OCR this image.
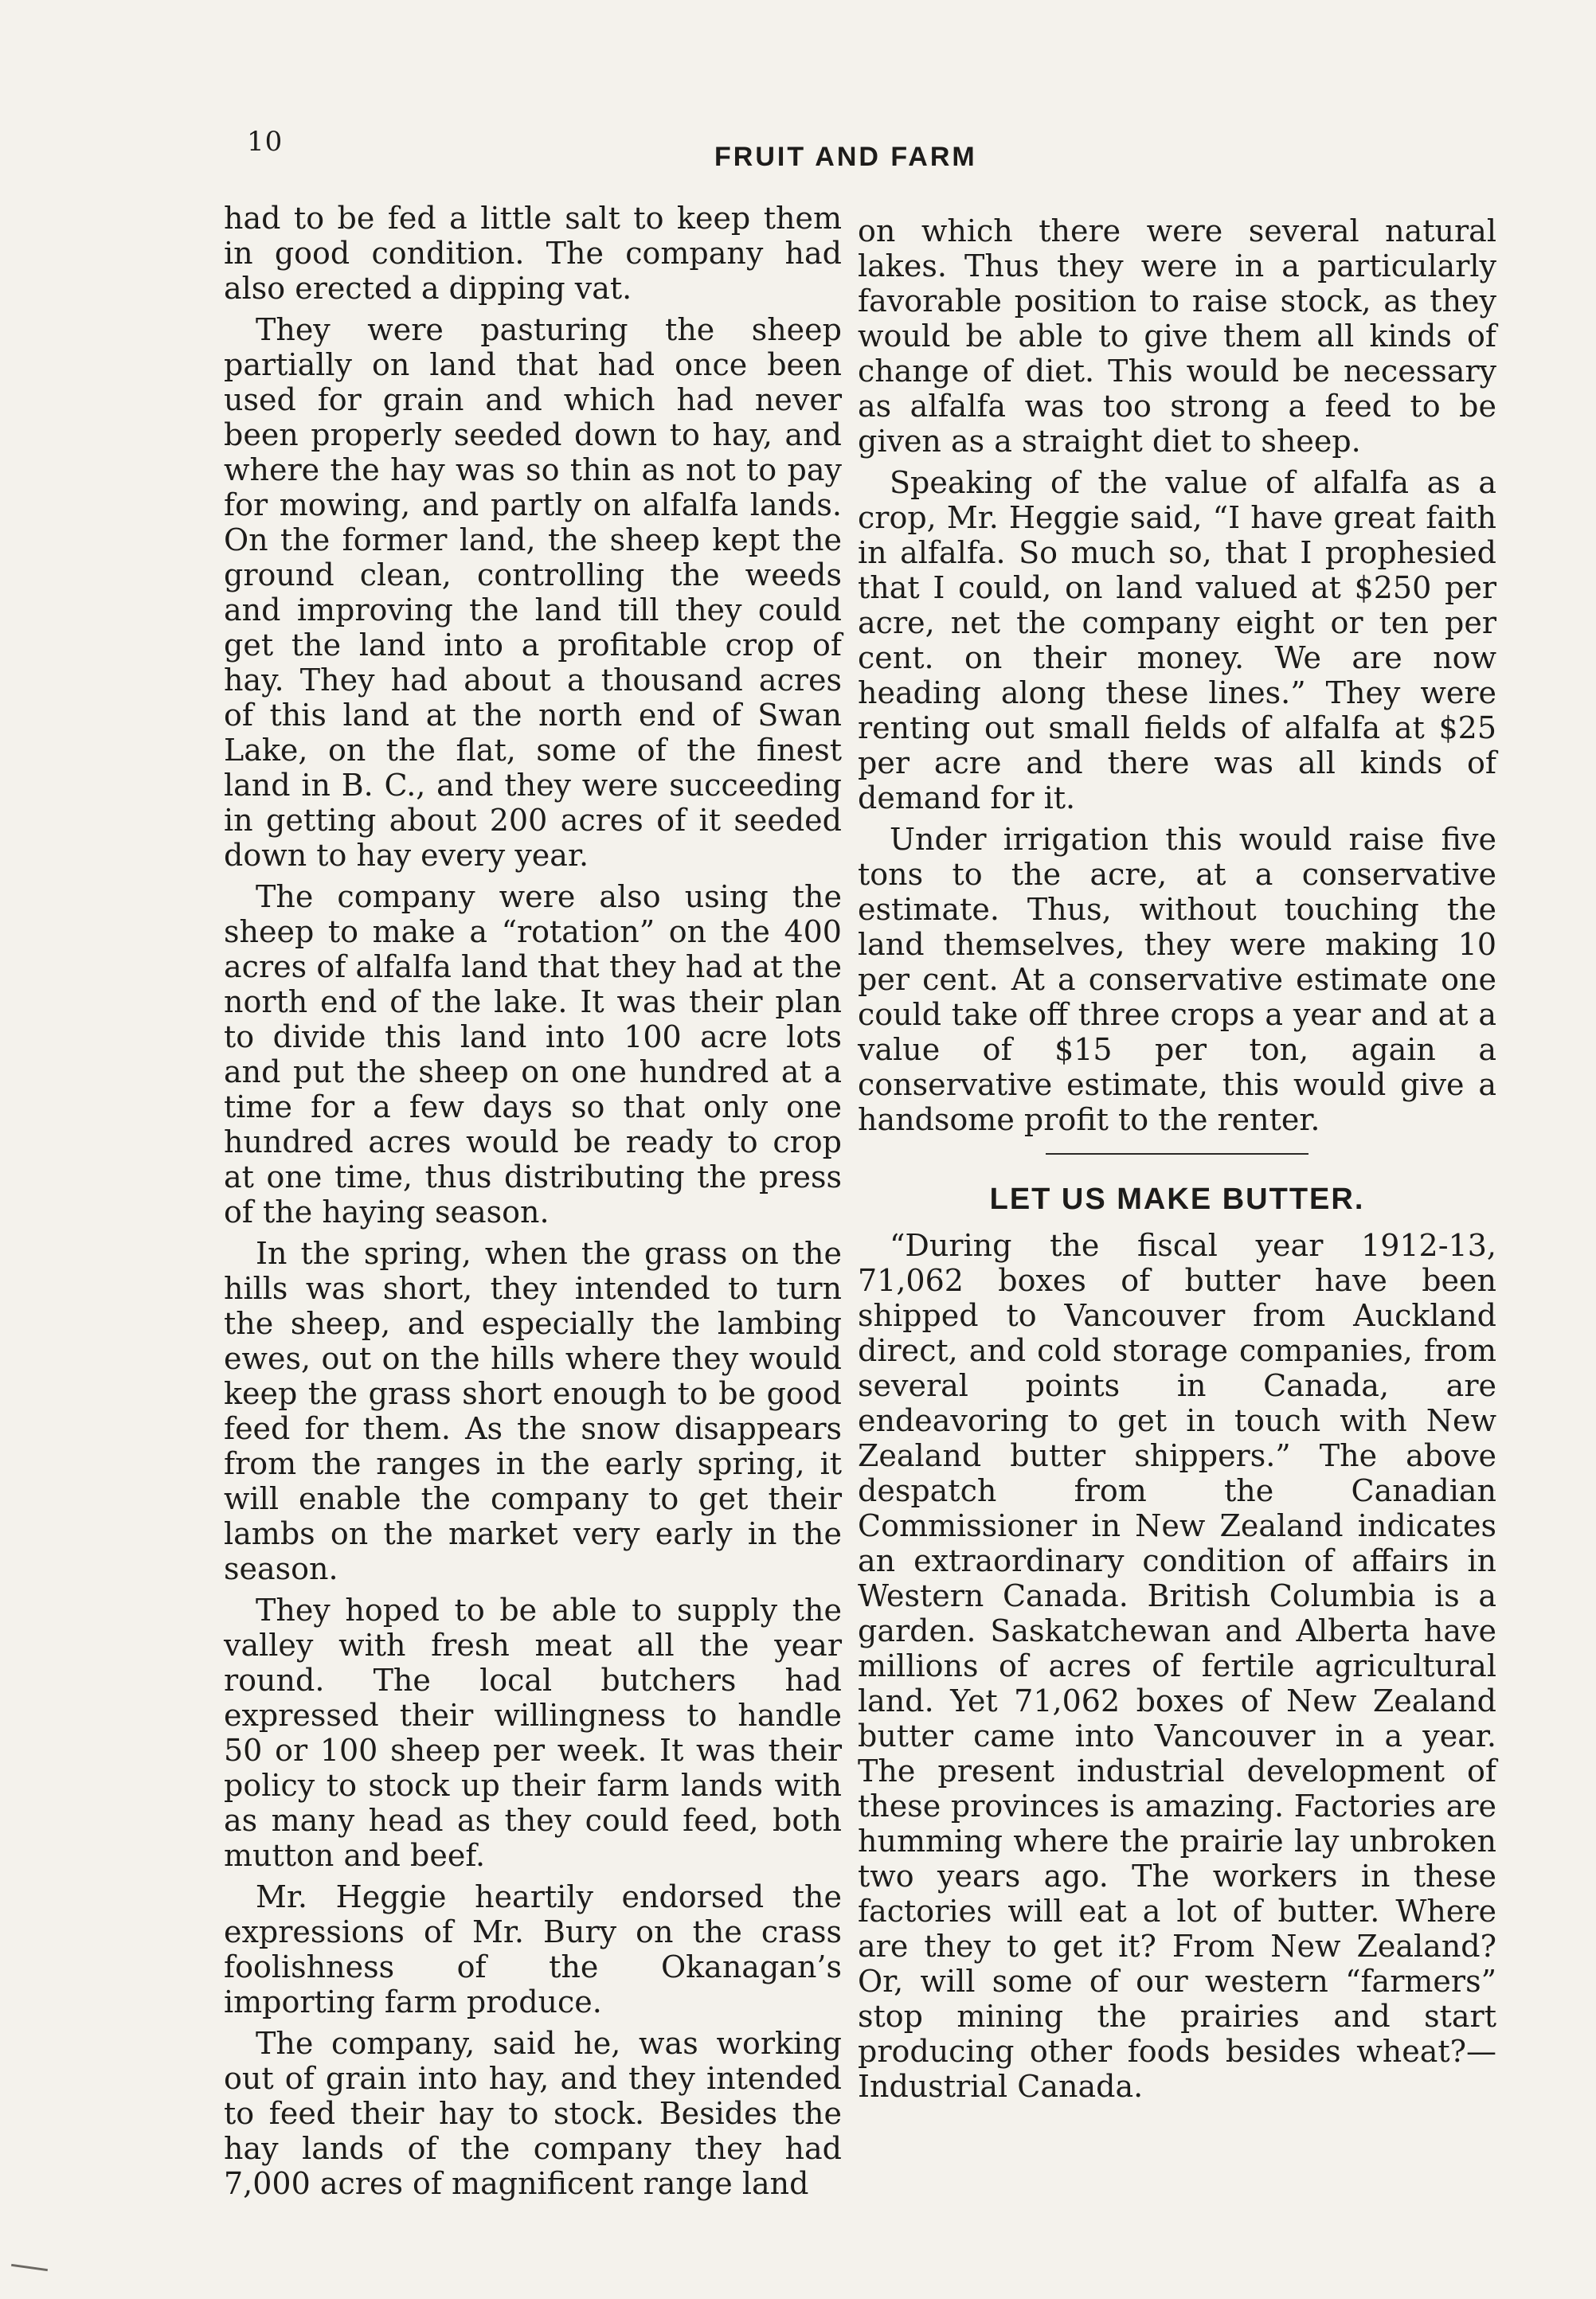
10	FRUIT AND FARM

had to be fed a little salt to keep them in good condition. The company had also erected a dipping vat.

They were pasturing the sheep partially on land that had once been used for grain and which had never been properly seeded down to hay, and where the hay was so thin as not to pay for mowing, and partly on alfalfa lands. On the former land, the sheep kept the ground clean, controlling the weeds and improving the land till they could get the land into a profitable crop of hay. They had about a thousand acres of this land at the north end of Swan Lake, on the flat, some of the finest land in B. C., and they were succeeding in getting about 200 acres of it seeded down to hay every year.

The company were also using the sheep to make a “rotation” on the 400 acres of alfalfa land that they had at the north end of the lake. It was their plan to divide this land into 100 acre lots and put the sheep on one hundred at a time for a few days so that only one hundred acres would be ready to crop at one time, thus distributing the press of the haying season.

In the spring, when the grass on the hills was short, they intended to turn the sheep, and especially the lambing ewes, out on the hills where they would keep the grass short enough to be good feed for them. As the snow disappears from the ranges in the early spring, it will enable the company to get their lambs on the market very early in the season.

They hoped to be able to supply the valley with fresh meat all the year round. The local butchers had expressed their willingness to handle 50 or 100 sheep per week. It was their policy to stock up their farm lands with as many head as they could feed, both mutton and beef.

Mr. Heggie heartily endorsed the expressions of Mr. Bury on the crass foolishness of the Okanagan’s importing farm produce.

The company, said he, was working out of grain into hay, and they intended to feed their hay to stock. Besides the hay lands of the company they had 7,000 acres of magnificent range land

on which there were several natural lakes. Thus they were in a particularly favorable position to raise stock, as they would be able to give them all kinds of change of diet. This would be necessary as alfalfa was too strong a feed to be given as a straight diet to sheep.

Speaking of the value of alfalfa as a crop, Mr. Heggie said, “I have great faith in alfalfa. So much so, that I prophesied that I could, on land valued at $250 per acre, net the company eight or ten per cent. on their money. We are now heading along these lines.” They were renting out small fields of alfalfa at $25 per acre and there was all kinds of demand for it.

Under irrigation this would raise five tons to the acre, at a conservative estimate. Thus, without touching the land themselves, they were making 10 per cent. At a conservative estimate one could take off three crops a year and at a value of $15 per ton, again a conservative estimate, this would give a handsome profit to the renter.

LET US MAKE BUTTER.

“During the fiscal year 1912-13, 71,062 boxes of butter have been shipped to Vancouver from Auckland direct, and cold storage companies, from several points in Canada, are endeavoring to get in touch with New Zealand butter shippers.” The above despatch from the Canadian Commissioner in New Zealand indicates an extraordinary condition of affairs in Western Canada. British Columbia is a garden. Saskatchewan and Alberta have millions of acres of fertile agricultural land. Yet 71,062 boxes of New Zealand butter came into Vancouver in a year. The present industrial development of these provinces is amazing. Factories are humming where the prairie lay unbroken two years ago. The workers in these factories will eat a lot of butter. Where are they to get it? From New Zealand? Or, will some of our western “farmers” stop mining the prairies and start producing other foods besides wheat?—Industrial Canada.
